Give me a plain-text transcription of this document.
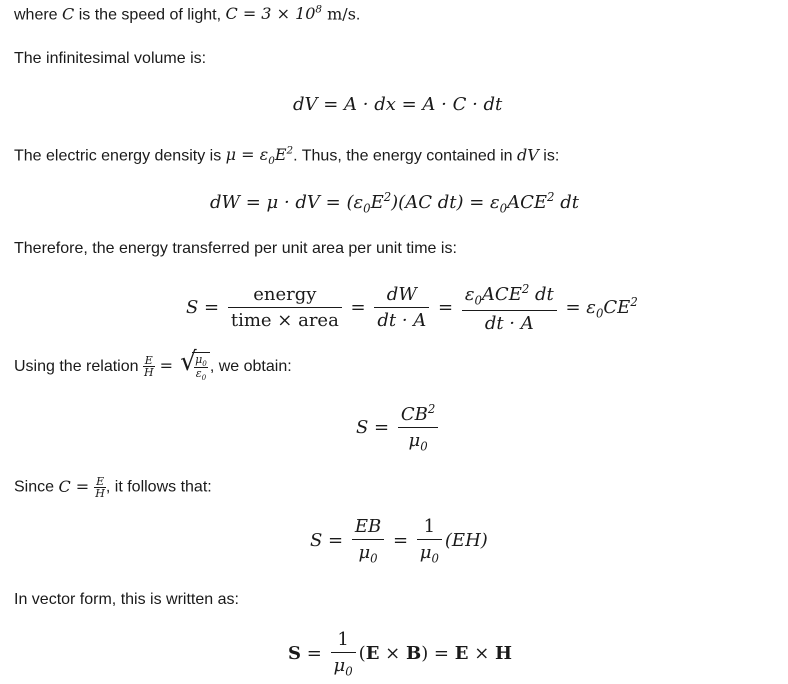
where C is the speed of light, $C = 3 \times 10^8$ m/s.
The infinitesimal volume is:
dV = A · dx = A · C · dt
The electric energy density is $\mu = \varepsilon_0E^2$. Thus, the energy contained in dV is:
dW = μ · dV = $(\varepsilon_0E^2)(AC$ $dt) = \varepsilon_0ACE^2$ dt
Therefore, the energy transferred per unit area per unit time is:
$S = \frac{\text{energy}}{\text{time × area}} = \frac{dW}{dt \cdot A} = \frac{\varepsilon_0ACE^2 dt}{dt \cdot A} = \varepsilon_0CE^2$
Using the relation $\frac{E}{H}$ = √
$\frac{\mu_0}{\varepsilon_0}$ , we obtain:
$S = \frac{CB^2}{\mu_0}$
Since $C = \frac{E}{H}$ , it follows that:
$S = \frac{EB}{\mu_0} = \frac{1}{\mu_0} (EH)$
In vector form, this is written as:
$S = \frac{1}{\mu_0} (E \times B) = E \times H$
